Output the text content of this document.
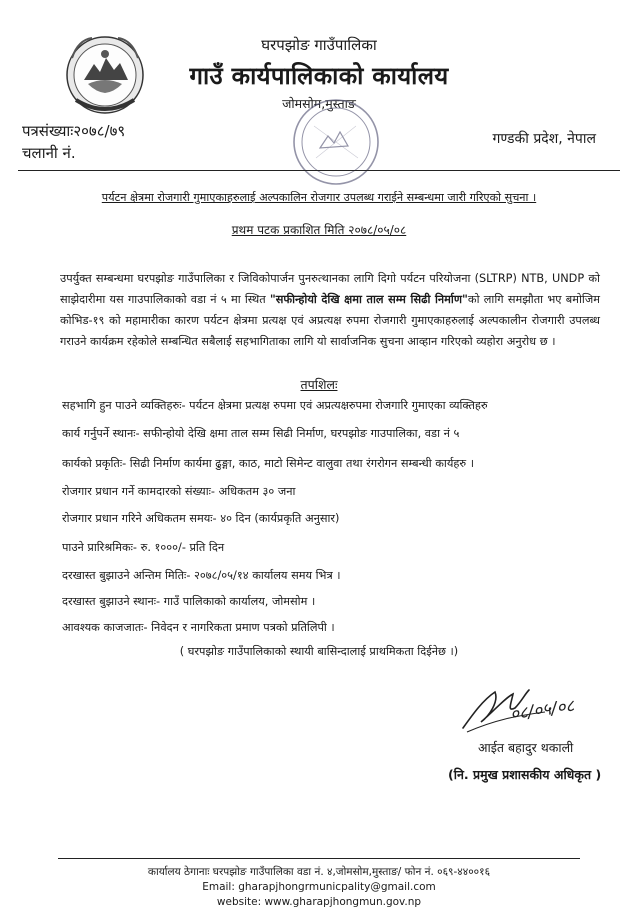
घरपझोङ गाउँपालिका
गाउँ कार्यपालिकाको कार्यालय
जोमसोम,मुस्ताङ
पत्रसंख्याः२०७८/७९
चलानी नं.
गण्डकी प्रदेश, नेपाल
पर्यटन क्षेत्रमा रोजगारी गुमाएकाहरुलाई अल्पकालिन रोजगार उपलब्ध गराईने सम्बन्धमा जारी गरिएको सुचना ।
प्रथम पटक प्रकाशित मिति २०७८/०५/०८
उपर्युक्त सम्बन्धमा घरपझोङ गाउँपालिका र जिविकोपार्जन पुनरुत्थानका लागि दिगो पर्यटन परियोजना (SLTRP) NTB, UNDP को साझेदारीमा यस गाउपालिकाको वडा नं ५ मा स्थित "सफीन्होयो देखि क्षमा ताल सम्म सिढी निर्माण"को लागि समझौता भए बमोजिम कोभिड-१९ को महामारीका कारण पर्यटन क्षेत्रमा प्रत्यक्ष एवं अप्रत्यक्ष रुपमा रोजगारी गुमाएकाहरुलाई अल्पकालीन रोजगारी उपलब्ध गराउने कार्यक्रम रहेकोले सम्बन्धित सबैलाई सहभागिताका लागि यो सार्वाजनिक सुचना आव्हान गरिएको व्यहोरा अनुरोध छ ।
तपशिलः
सहभागि हुन पाउने व्यक्तिहरुः- पर्यटन क्षेत्रमा प्रत्यक्ष रुपमा एवं अप्रत्यक्षरुपमा रोजगारि गुमाएका व्यक्तिहरु
कार्य गर्नुपर्ने स्थानः- सफीन्होयो देखि क्षमा ताल सम्म सिढी निर्माण, घरपझोङ गाउपालिका, वडा नं ५
कार्यको प्रकृतिः- सिढी निर्माण कार्यमा ढुङ्गा, काठ, माटो सिमेन्ट वालुवा तथा रंगरोगन सम्बन्धी कार्यहरु ।
रोजगार प्रधान गर्ने कामदारको संख्याः- अधिकतम ३० जना
रोजगार प्रधान गरिने अधिकतम समयः- ४० दिन (कार्यप्रकृति अनुसार)
पाउने प्रारिश्रमिकः- रु. १०००/- प्रति दिन
दरखास्त बुझाउने अन्तिम मितिः- २०७८/०५/१४ कार्यालय समय भित्र ।
दरखास्त बुझाउने स्थानः- गाउँ पालिकाको कार्यालय, जोमसोम ।
आवश्यक काजजातः- निवेदन र नागरिकता प्रमाण पत्रको प्रतिलिपी ।
( घरपझोङ गाउँपालिकाको स्थायी बासिन्दालाई प्राथमिकता दिईनेछ ।)
०८/०५/०८
आईत बहादुर थकाली
(नि. प्रमुख प्रशासकीय अधिकृत )
कार्यालय ठेगानाः घरपझोङ गाउँपालिका वडा नं. ४,जोमसोम,मुस्ताङ/ फोन नं. ०६९-४४००१६
Email: gharapjhongrmunicpality@gmail.com
website: www.gharapjhongmun.gov.np
